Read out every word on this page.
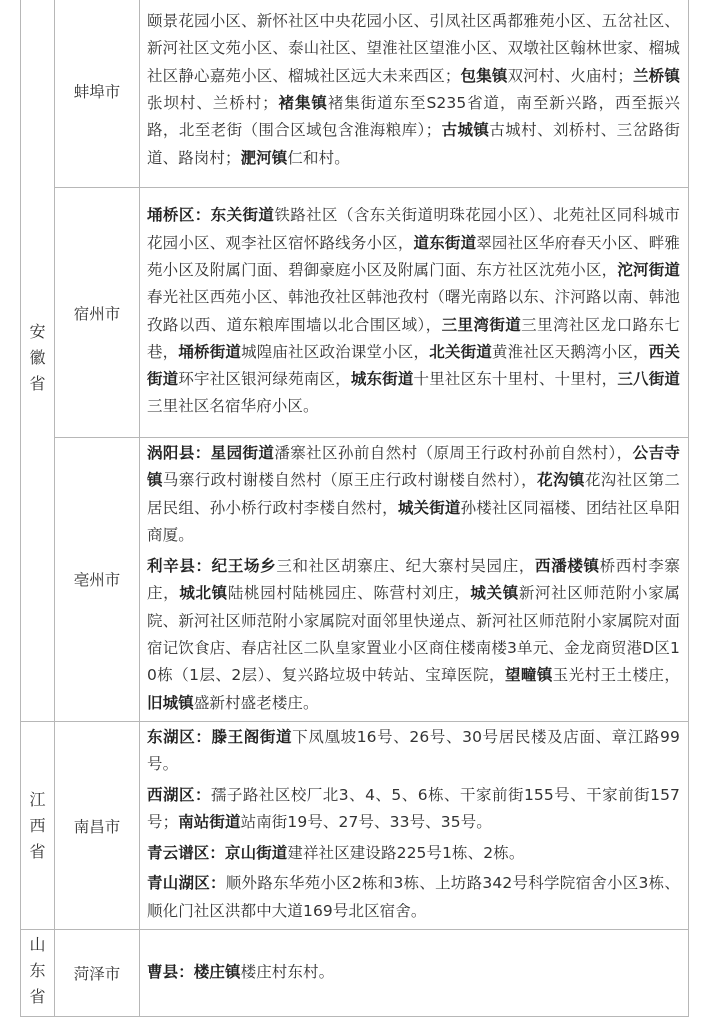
安徽省	蚌埠市	颐景花园小区、新怀社区中央花园小区、引凤社区禹都雅苑小区、五岔社区、新河社区文苑小区、泰山社区、望淮社区望淮小区、双墩社区翰林世家、榴城社区静心嘉苑小区、榴城社区远大未来西区；包集镇双河村、火庙村；兰桥镇张坝村、兰桥村；褚集镇褚集街道东至S235省道，南至新兴路，西至振兴路，北至老街（围合区域包含淮海粮库）；古城镇古城村、刘桥村、三岔路街道、路岗村；淝河镇仁和村。

	宿州市	埇桥区：东关街道铁路社区（含东关街道明珠花园小区）、北苑社区同科城市花园小区、观李社区宿怀路线务小区，道东街道翠园社区华府春天小区、畔雅苑小区及附属门面、碧御豪庭小区及附属门面、东方社区沈苑小区，沱河街道春光社区西苑小区、韩池孜社区韩池孜村（曙光南路以东、汴河路以南、韩池孜路以西、道东粮库围墙以北合围区域），三里湾街道三里湾社区龙口路东七巷，埇桥街道城隍庙社区政治课堂小区，北关街道黄淮社区天鹅湾小区，西关街道环宇社区银河绿苑南区，城东街道十里社区东十里村、十里村，三八街道三里社区名宿华府小区。

	亳州市	涡阳县：星园街道潘寨社区孙前自然村（原周王行政村孙前自然村），公吉寺镇马寨行政村谢楼自然村（原王庄行政村谢楼自然村），花沟镇花沟社区第二居民组、孙小桥行政村李楼自然村，城关街道孙楼社区同福楼、团结社区阜阳商厦。

利辛县：纪王场乡三和社区胡寨庄、纪大寨村吴园庄，西潘楼镇桥西村李寨庄，城北镇陆桃园村陆桃园庄、陈营村刘庄，城关镇新河社区师范附小家属院、新河社区师范附小家属院对面邻里快递点、新河社区师范附小家属院对面宿记饮食店、春店社区二队皇家置业小区商住楼南楼3单元、金龙商贸港D区10栋（1层、2层）、复兴路垃圾中转站、宝璋医院，望疃镇玉光村王土楼庄，旧城镇盛新村盛老楼庄。

江西省	南昌市	东湖区：滕王阁街道下凤凰坡16号、26号、30号居民楼及店面、章江路99号。

西湖区：孺子路社区校厂北3、4、5、6栋、干家前街155号、干家前街157号；南站街道站南街19号、27号、33号、35号。

青云谱区：京山街道建祥社区建设路225号1栋、2栋。

青山湖区：顺外路东华苑小区2栋和3栋、上坊路342号科学院宿舍小区3栋、顺化门社区洪都中大道169号北区宿舍。

山东省	菏泽市	曹县：楼庄镇楼庄村东村。
